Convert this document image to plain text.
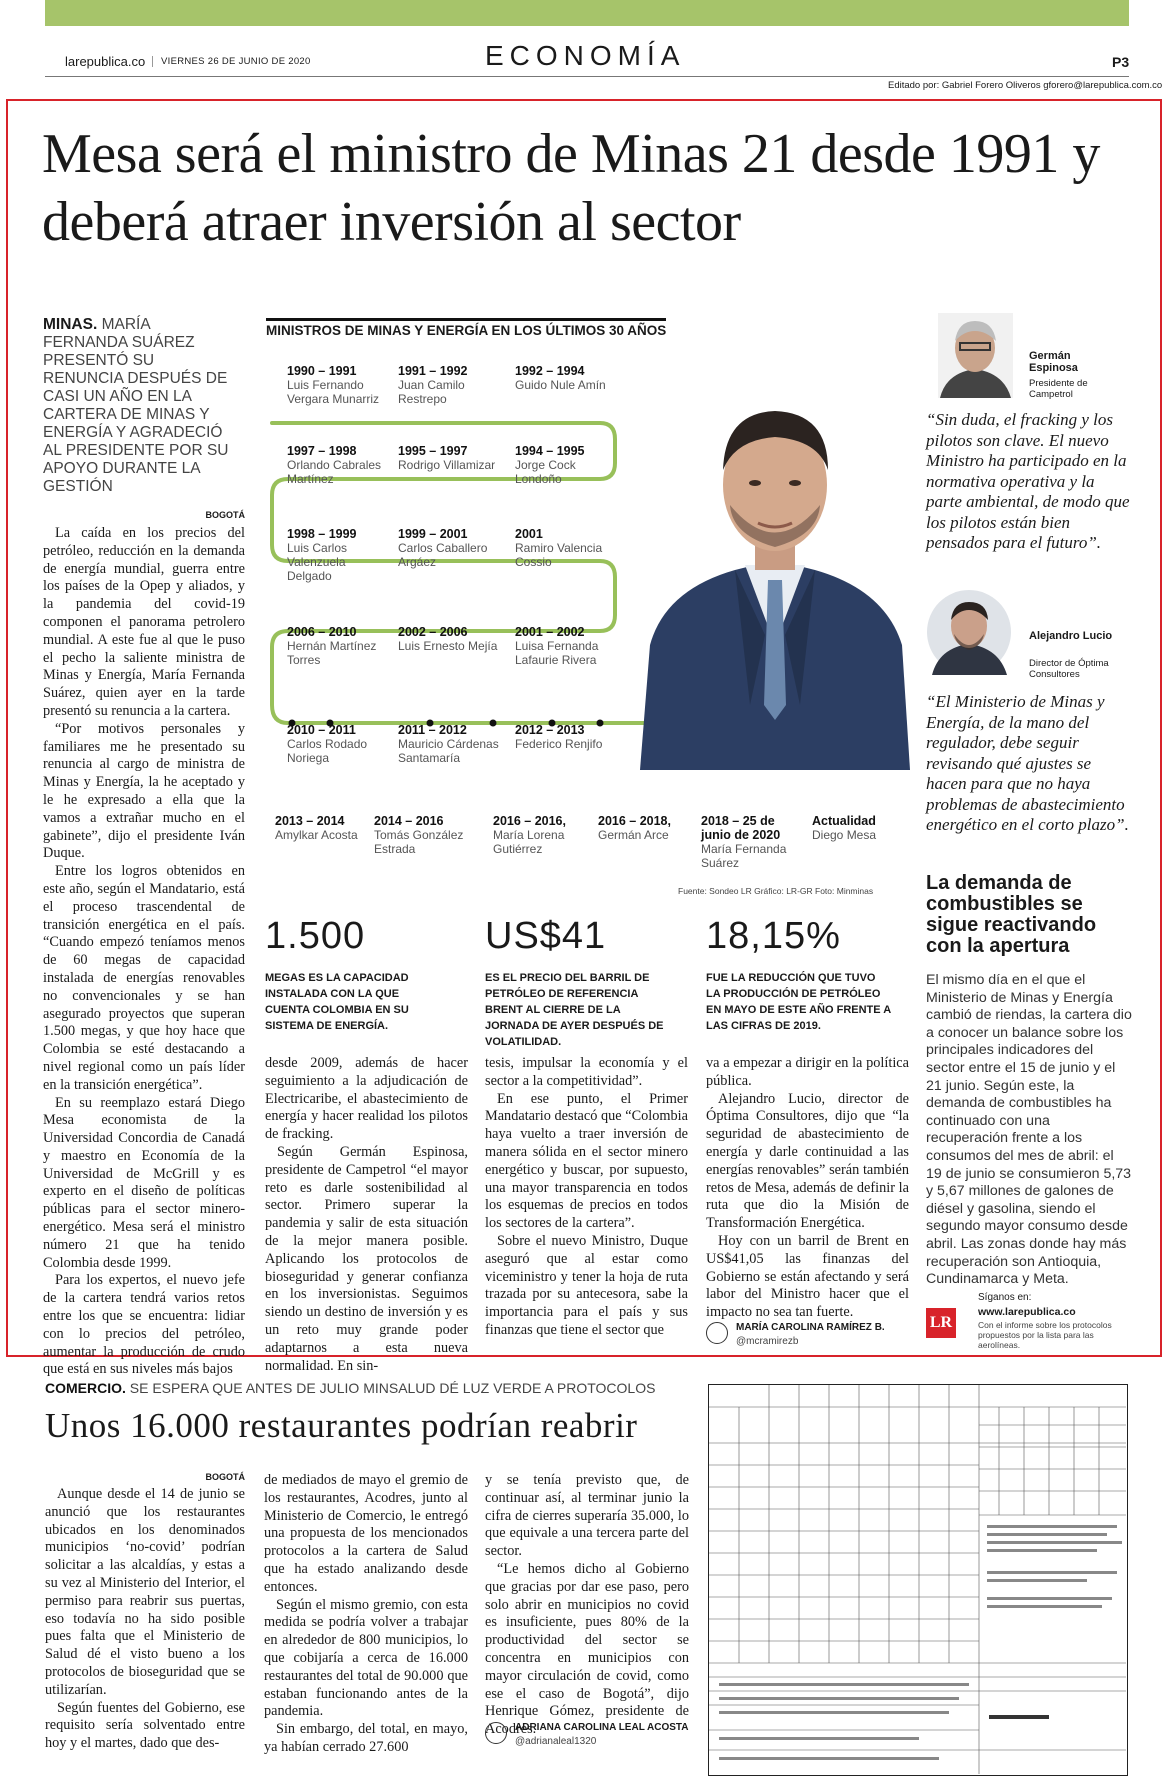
larepublica.co	VIERNES 26 DE JUNIO DE 2020	ECONOMÍA	P3
Editado por: Gabriel Forero Oliveros gforero@larepublica.com.co
Mesa será el ministro de Minas 21 desde 1991 y deberá atraer inversión al sector
MINAS. MARÍA FERNANDA SUÁREZ PRESENTÓ SU RENUNCIA DESPUÉS DE CASI UN AÑO EN LA CARTERA DE MINAS Y ENERGÍA Y AGRADECIÓ AL PRESIDENTE POR SU APOYO DURANTE LA GESTIÓN
BOGOTÁ

La caída en los precios del petróleo, reducción en la demanda de energía mundial, guerra entre los países de la Opep y aliados, y la pandemia del covid-19 componen el panorama petrolero mundial. A este fue al que le puso el pecho la saliente ministra de Minas y Energía, María Fernanda Suárez, quien ayer en la tarde presentó su renuncia a la cartera.

“Por motivos personales y familiares me he presentado su renuncia al cargo de ministra de Minas y Energía, la he aceptado y le he expresado a ella que la vamos a extrañar mucho en el gabinete”, dijo el presidente Iván Duque.

Entre los logros obtenidos en este año, según el Mandatario, está el proceso trascendental de transición energética en el país. “Cuando empezó teníamos menos de 60 megas de capacidad instalada de energías renovables no convencionales y se han asegurado proyectos que superan 1.500 megas, y que hoy hace que Colombia se esté destacando a nivel regional como un país líder en la transición energética”.

En su reemplazo estará Diego Mesa economista de la Universidad Concordia de Canadá y maestro en Economía de la Universidad de McGrill y es experto en el diseño de políticas públicas para el sector minero-energético. Mesa será el ministro número 21 que ha tenido Colombia desde 1999.

Para los expertos, el nuevo jefe de la cartera tendrá varios retos entre los que se encuentra: lidiar con lo precios del petróleo, aumentar la producción de crudo que está en sus niveles más bajos

MINISTROS DE MINAS Y ENERGÍA EN LOS ÚLTIMOS 30 AÑOS
1990 – 1991
Luis Fernando Vergara Munarriz
1991 – 1992
Juan Camilo Restrepo
1992 – 1994
Guido Nule Amín
1997 – 1998
Orlando Cabrales Martínez
1995 – 1997
Rodrigo Villamizar
1994 – 1995
Jorge Cock Londoño
1998 – 1999
Luis Carlos Valenzuela Delgado
1999 – 2001
Carlos Caballero Argáez
2001
Ramiro Valencia Cossio
2006 – 2010
Hernán Martínez Torres
2002 – 2006
Luis Ernesto Mejía
2001 – 2002
Luisa Fernanda Lafaurie Rivera
2010 – 2011
Carlos Rodado Noriega
2011 – 2012
Mauricio Cárdenas Santamaría
2012 – 2013
Federico Renjifo
2013 – 2014
Amylkar Acosta
2014 – 2016
Tomás González Estrada
2016 – 2016,
María Lorena Gutiérrez
2016 – 2018,
Germán Arce
2018 – 25 de junio de 2020
María Fernanda Suárez
Actualidad
Diego Mesa
Fuente: Sondeo LR Gráfico: LR-GR Foto: Minminas
1.500
MEGAS ES LA CAPACIDAD INSTALADA CON LA QUE CUENTA COLOMBIA EN SU SISTEMA DE ENERGÍA.
US$41
ES EL PRECIO DEL BARRIL DE PETRÓLEO DE REFERENCIA BRENT AL CIERRE DE LA JORNADA DE AYER DESPUÉS DE VOLATILIDAD.
18,15%
FUE LA REDUCCIÓN QUE TUVO LA PRODUCCIÓN DE PETRÓLEO EN MAYO DE ESTE AÑO FRENTE A LAS CIFRAS DE 2019.

desde 2009, además de hacer seguimiento a la adjudicación de Electricaribe, el abastecimiento de energía y hacer realidad los pilotos de fracking.

Según Germán Espinosa, presidente de Campetrol “el mayor reto es darle sostenibilidad al sector. Primero superar la pandemia y salir de esta situación de la mejor manera posible. Aplicando los protocolos de bioseguridad y generar confianza en los inversionistas. Seguimos siendo un destino de inversión y es un reto muy grande poder adaptarnos a esta nueva normalidad. En sin-

tesis, impulsar la economía y el sector a la competitividad”.

En ese punto, el Primer Mandatario destacó que “Colombia haya vuelto a traer inversión de manera sólida en el sector minero energético y buscar, por supuesto, una mayor transparencia en todos los esquemas de precios en todos los sectores de la cartera”.

Sobre el nuevo Ministro, Duque aseguró que al estar como viceministro y tener la hoja de ruta trazada por su antecesora, sabe la importancia para el país y sus finanzas que tiene el sector que

va a empezar a dirigir en la política pública.

Alejandro Lucio, director de Óptima Consultores, dijo que “la seguridad de abastecimiento de energía y darle continuidad a las energías renovables” serán también retos de Mesa, además de definir la ruta que dio la Misión de Transformación Energética.

Hoy con un barril de Brent en US$41,05 las finanzas del Gobierno se están afectando y será labor del Ministro hacer que el impacto no sea tan fuerte.

MARÍA CAROLINA RAMÍREZ B.
@mcramirezb
Germán Espinosa
Presidente de Campetrol
“Sin duda, el fracking y los pilotos son clave. El nuevo Ministro ha participado en la normativa operativa y la parte ambiental, de modo que los pilotos están bien pensados para el futuro”.
Alejandro Lucio
Director de Óptima Consultores
“El Ministerio de Minas y Energía, de la mano del regulador, debe seguir revisando qué ajustes se hacen para que no haya problemas de abastecimiento energético en el corto plazo”.
La demanda de combustibles se sigue reactivando con la apertura
El mismo día en el que el Ministerio de Minas y Energía cambió de riendas, la cartera dio a conocer un balance sobre los principales indicadores del sector entre el 15 de junio y el 21 junio. Según este, la demanda de combustibles ha continuado con una recuperación frente a los consumos del mes de abril: el 19 de junio se consumieron 5,73 y 5,67 millones de galones de diésel y gasolina, siendo el segundo mayor consumo desde abril. Las zonas donde hay más recuperación son Antioquia, Cundinamarca y Meta.
Síganos en:
LR
www.larepublica.co
Con el informe sobre los protocolos propuestos por la lista para las aerolíneas.
COMERCIO. SE ESPERA QUE ANTES DE JULIO MINSALUD DÉ LUZ VERDE A PROTOCOLOS
Unos 16.000 restaurantes podrían reabrir
BOGOTÁ

Aunque desde el 14 de junio se anunció que los restaurantes ubicados en los denominados municipios ‘no-covid’ podrían solicitar a las alcaldías, y estas a su vez al Ministerio del Interior, el permiso para reabrir sus puertas, eso todavía no ha sido posible pues falta que el Ministerio de Salud dé el visto bueno a los protocolos de bioseguridad que se utilizarían.

Según fuentes del Gobierno, ese requisito sería solventado entre hoy y el martes, dado que des-

de mediados de mayo el gremio de los restaurantes, Acodres, junto al Ministerio de Comercio, le entregó una propuesta de los mencionados protocolos a la cartera de Salud que ha estado analizando desde entonces.

Según el mismo gremio, con esta medida se podría volver a trabajar en alrededor de 800 municipios, lo que cobijaría a cerca de 16.000 restaurantes del total de 90.000 que estaban funcionando antes de la pandemia.

Sin embargo, del total, en mayo, ya habían cerrado 27.600

y se tenía previsto que, de continuar así, al terminar junio la cifra de cierres superaría 35.000, lo que equivale a una tercera parte del sector.

“Le hemos dicho al Gobierno que gracias por dar ese paso, pero solo abrir en municipios no covid es insuficiente, pues 80% de la productividad del sector se concentra en municipios con mayor circulación de covid, como ese el caso de Bogotá”, dijo Henrique Gómez, presidente de Acodres.

ADRIANA CAROLINA LEAL ACOSTA
@adrianaleal1320
